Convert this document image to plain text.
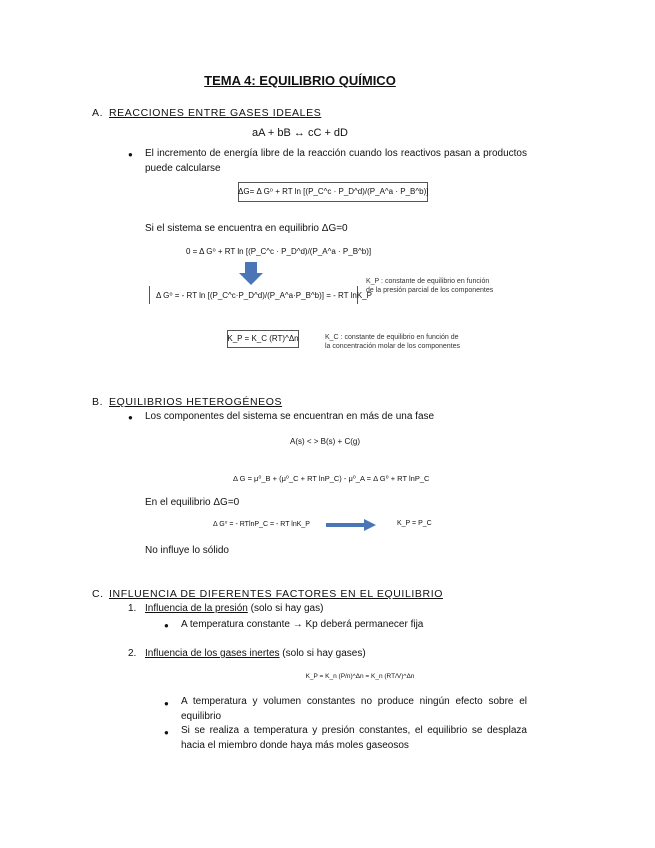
TEMA 4: EQUILIBRIO QUÍMICO
A. REACCIONES ENTRE GASES IDEALES
aA + bB ↔ cC + dD
● El incremento de energía libre de la reacción cuando los reactivos pasan a productos puede calcularse
ΔG= Δ G⁰ + RT ln [(P_C^c · P_D^d)/(P_A^a · P_B^b)]
Si el sistema se encuentra en equilibrio ΔG=0
0 = Δ G⁰ + RT ln [(P_C^c · P_D^d)/(P_A^a · P_B^b)]
Δ G⁰ = - RT ln [(P_C^c·P_D^d)/(P_A^a·P_B^b)] = - RT lnK_P
K_P : constante de equilibrio en función de la presión parcial de los componentes
K_P = K_C (RT)^Δn	K_C : constante de equilibrio en función de la concentración molar de los componentes
B. EQUILIBRIOS HETEROGÉNEOS
● Los componentes del sistema se encuentran en más de una fase
A(s) < > B(s) + C(g)
Δ G = μ⁰_B + (μ⁰_C + RT lnP_C) - μ⁰_A = Δ G⁰ + RT lnP_C
En el equilibrio ΔG=0
Δ G⁰ = - RTlnP_C = - RT lnK_P	K_P = P_C
No influye lo sólido
C. INFLUENCIA DE DIFERENTES FACTORES EN EL EQUILIBRIO
1. Influencia de la presión (solo si hay gas)
● A temperatura constante → Kp deberá permanecer fija
2. Influencia de los gases inertes (solo si hay gases)
K_P = K_n (P/n)^Δn = K_n (RT/V)^Δn
● A temperatura y volumen constantes no produce ningún efecto sobre el equilibrio
● Si se realiza a temperatura y presión constantes, el equilibrio se desplaza hacia el miembro donde haya más moles gaseosos
